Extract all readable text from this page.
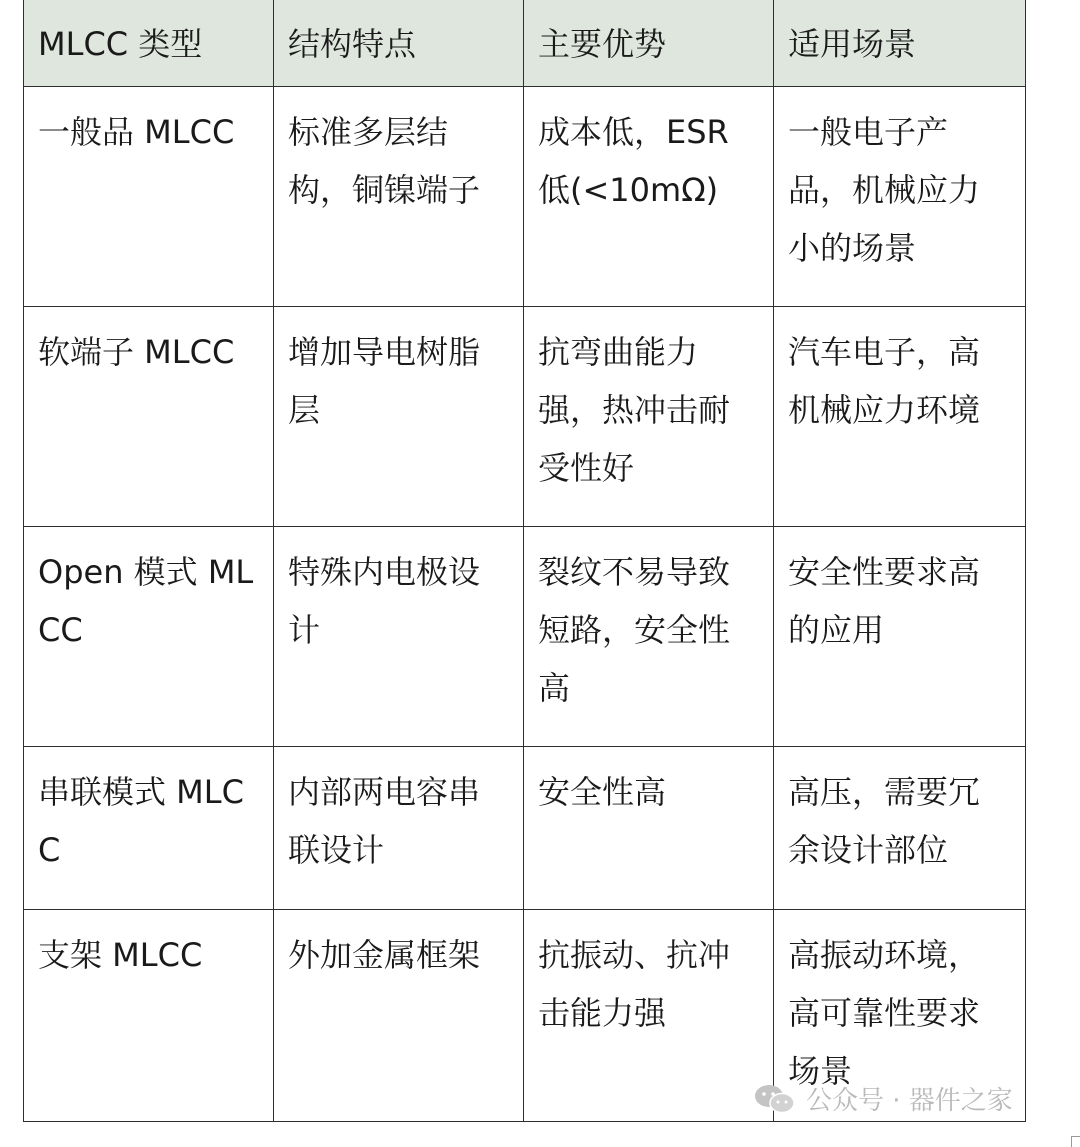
MLCC 类型	结构特点	主要优势	适用场景
一般品 MLCC	标准多层结构，铜镍端子	成本低，ESR低(<10mΩ)	一般电子产品，机械应力小的场景
软端子 MLCC	增加导电树脂层	抗弯曲能力强，热冲击耐受性好	汽车电子，高机械应力环境
Open 模式 MLCC	特殊内电极设计	裂纹不易导致短路，安全性高	安全性要求高的应用
串联模式 MLCC	内部两电容串联设计	安全性高	高压，需要冗余设计部位
支架 MLCC	外加金属框架	抗振动、抗冲击能力强	高振动环境，高可靠性要求场景
公众号 · 器件之家
